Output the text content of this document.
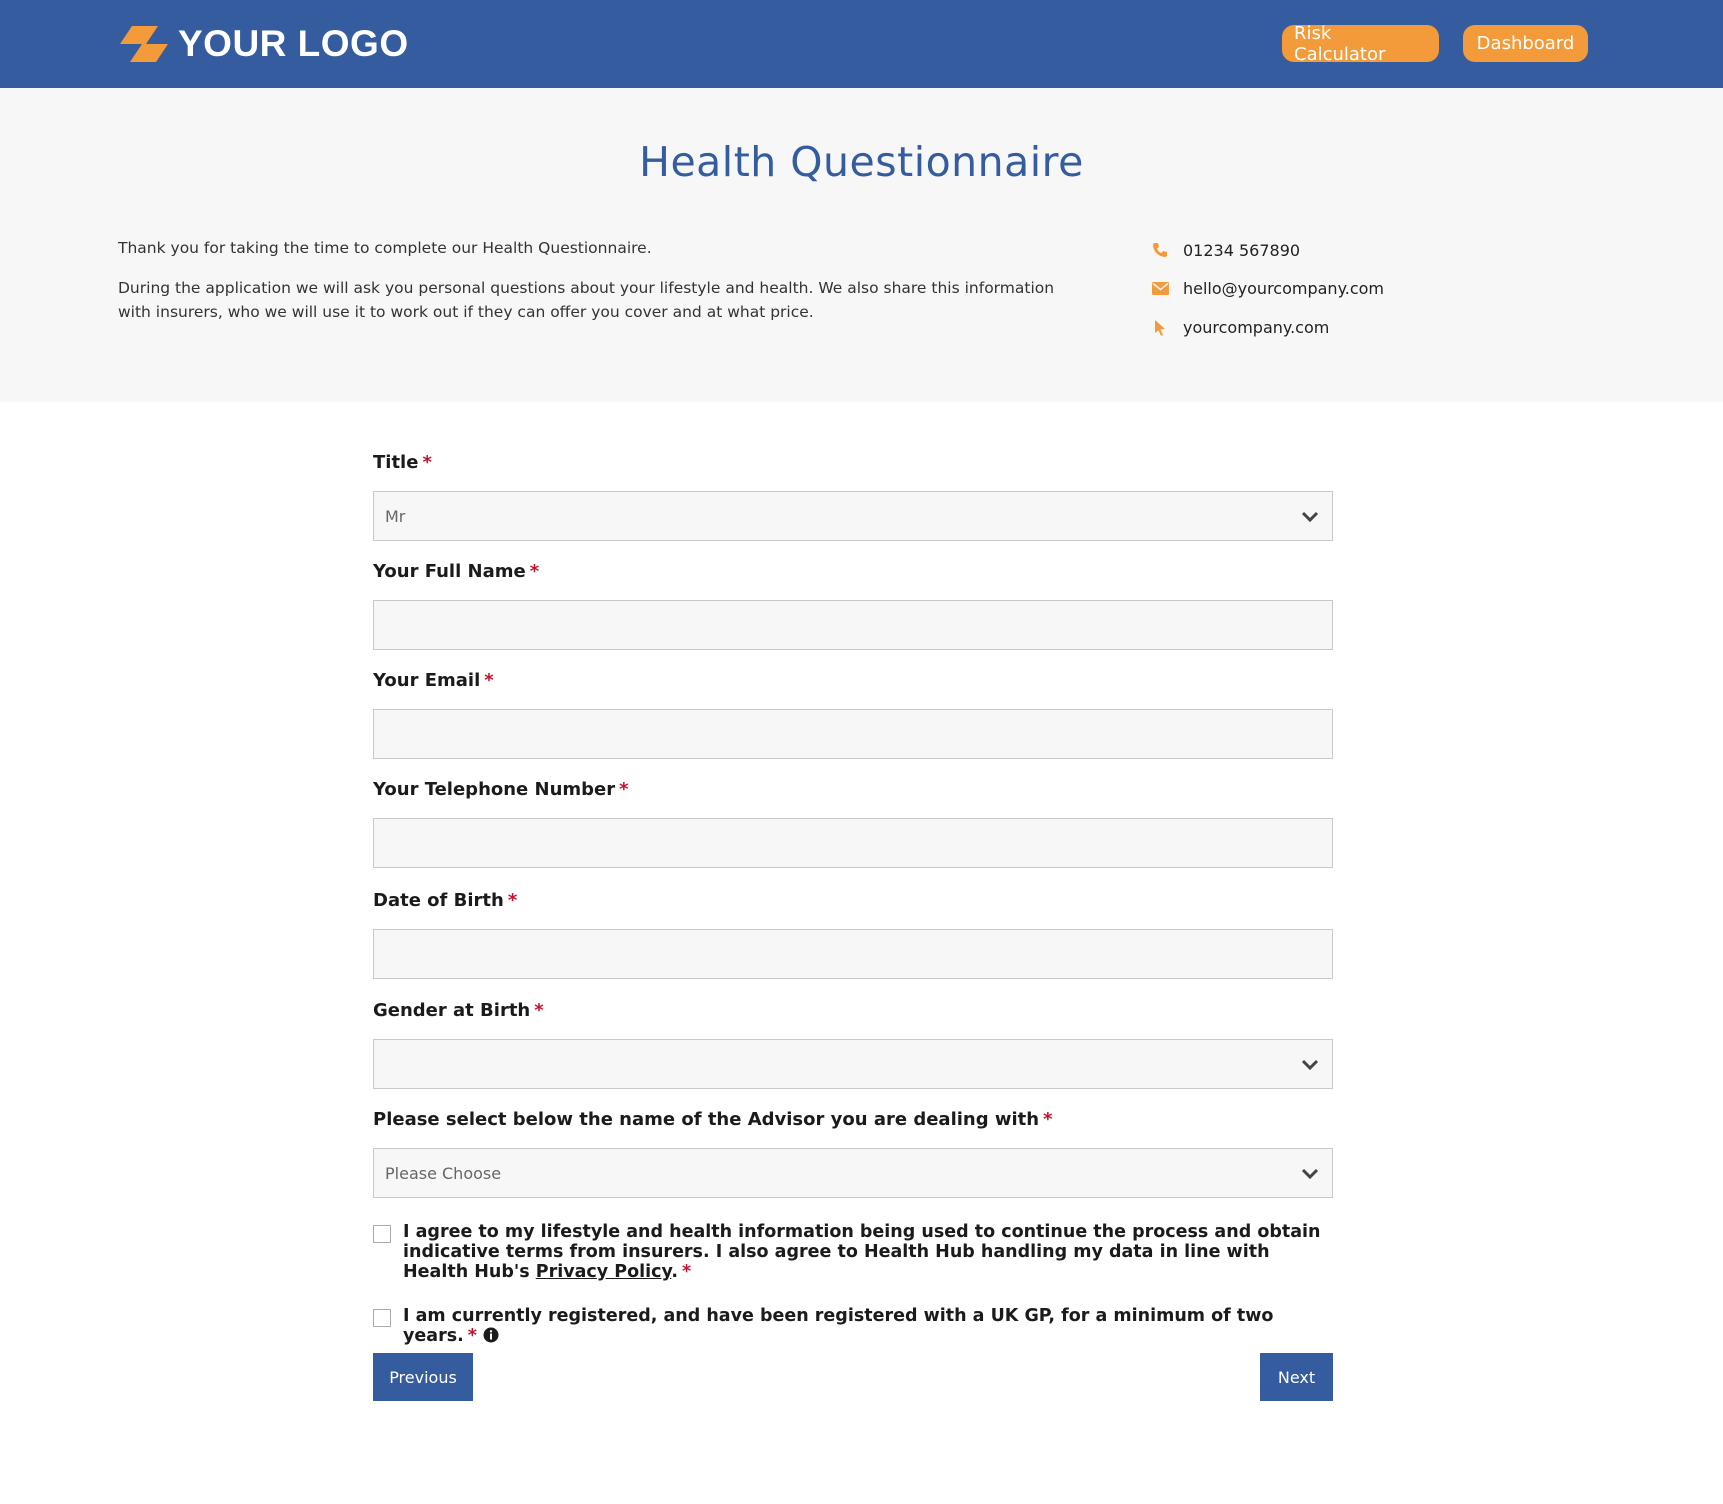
YOUR LOGO	Risk Calculator	Dashboard
Health Questionnaire

Thank you for taking the time to complete our Health Questionnaire.

During the application we will ask you personal questions about your lifestyle and health. We also share this information with insurers, who we will use it to work out if they can offer you cover and at what price.

01234 567890
hello@yourcompany.com
yourcompany.com
Title *
Mr
Your Full Name *
Your Email *
Your Telephone Number *
Date of Birth *
Gender at Birth *
Please select below the name of the Advisor you are dealing with *
Please Choose
I agree to my lifestyle and health information being used to continue the process and obtain indicative terms from insurers. I also agree to Health Hub handling my data in line with Health Hub's Privacy Policy. *
I am currently registered, and have been registered with a UK GP, for a minimum of two years. *
Previous	Next
